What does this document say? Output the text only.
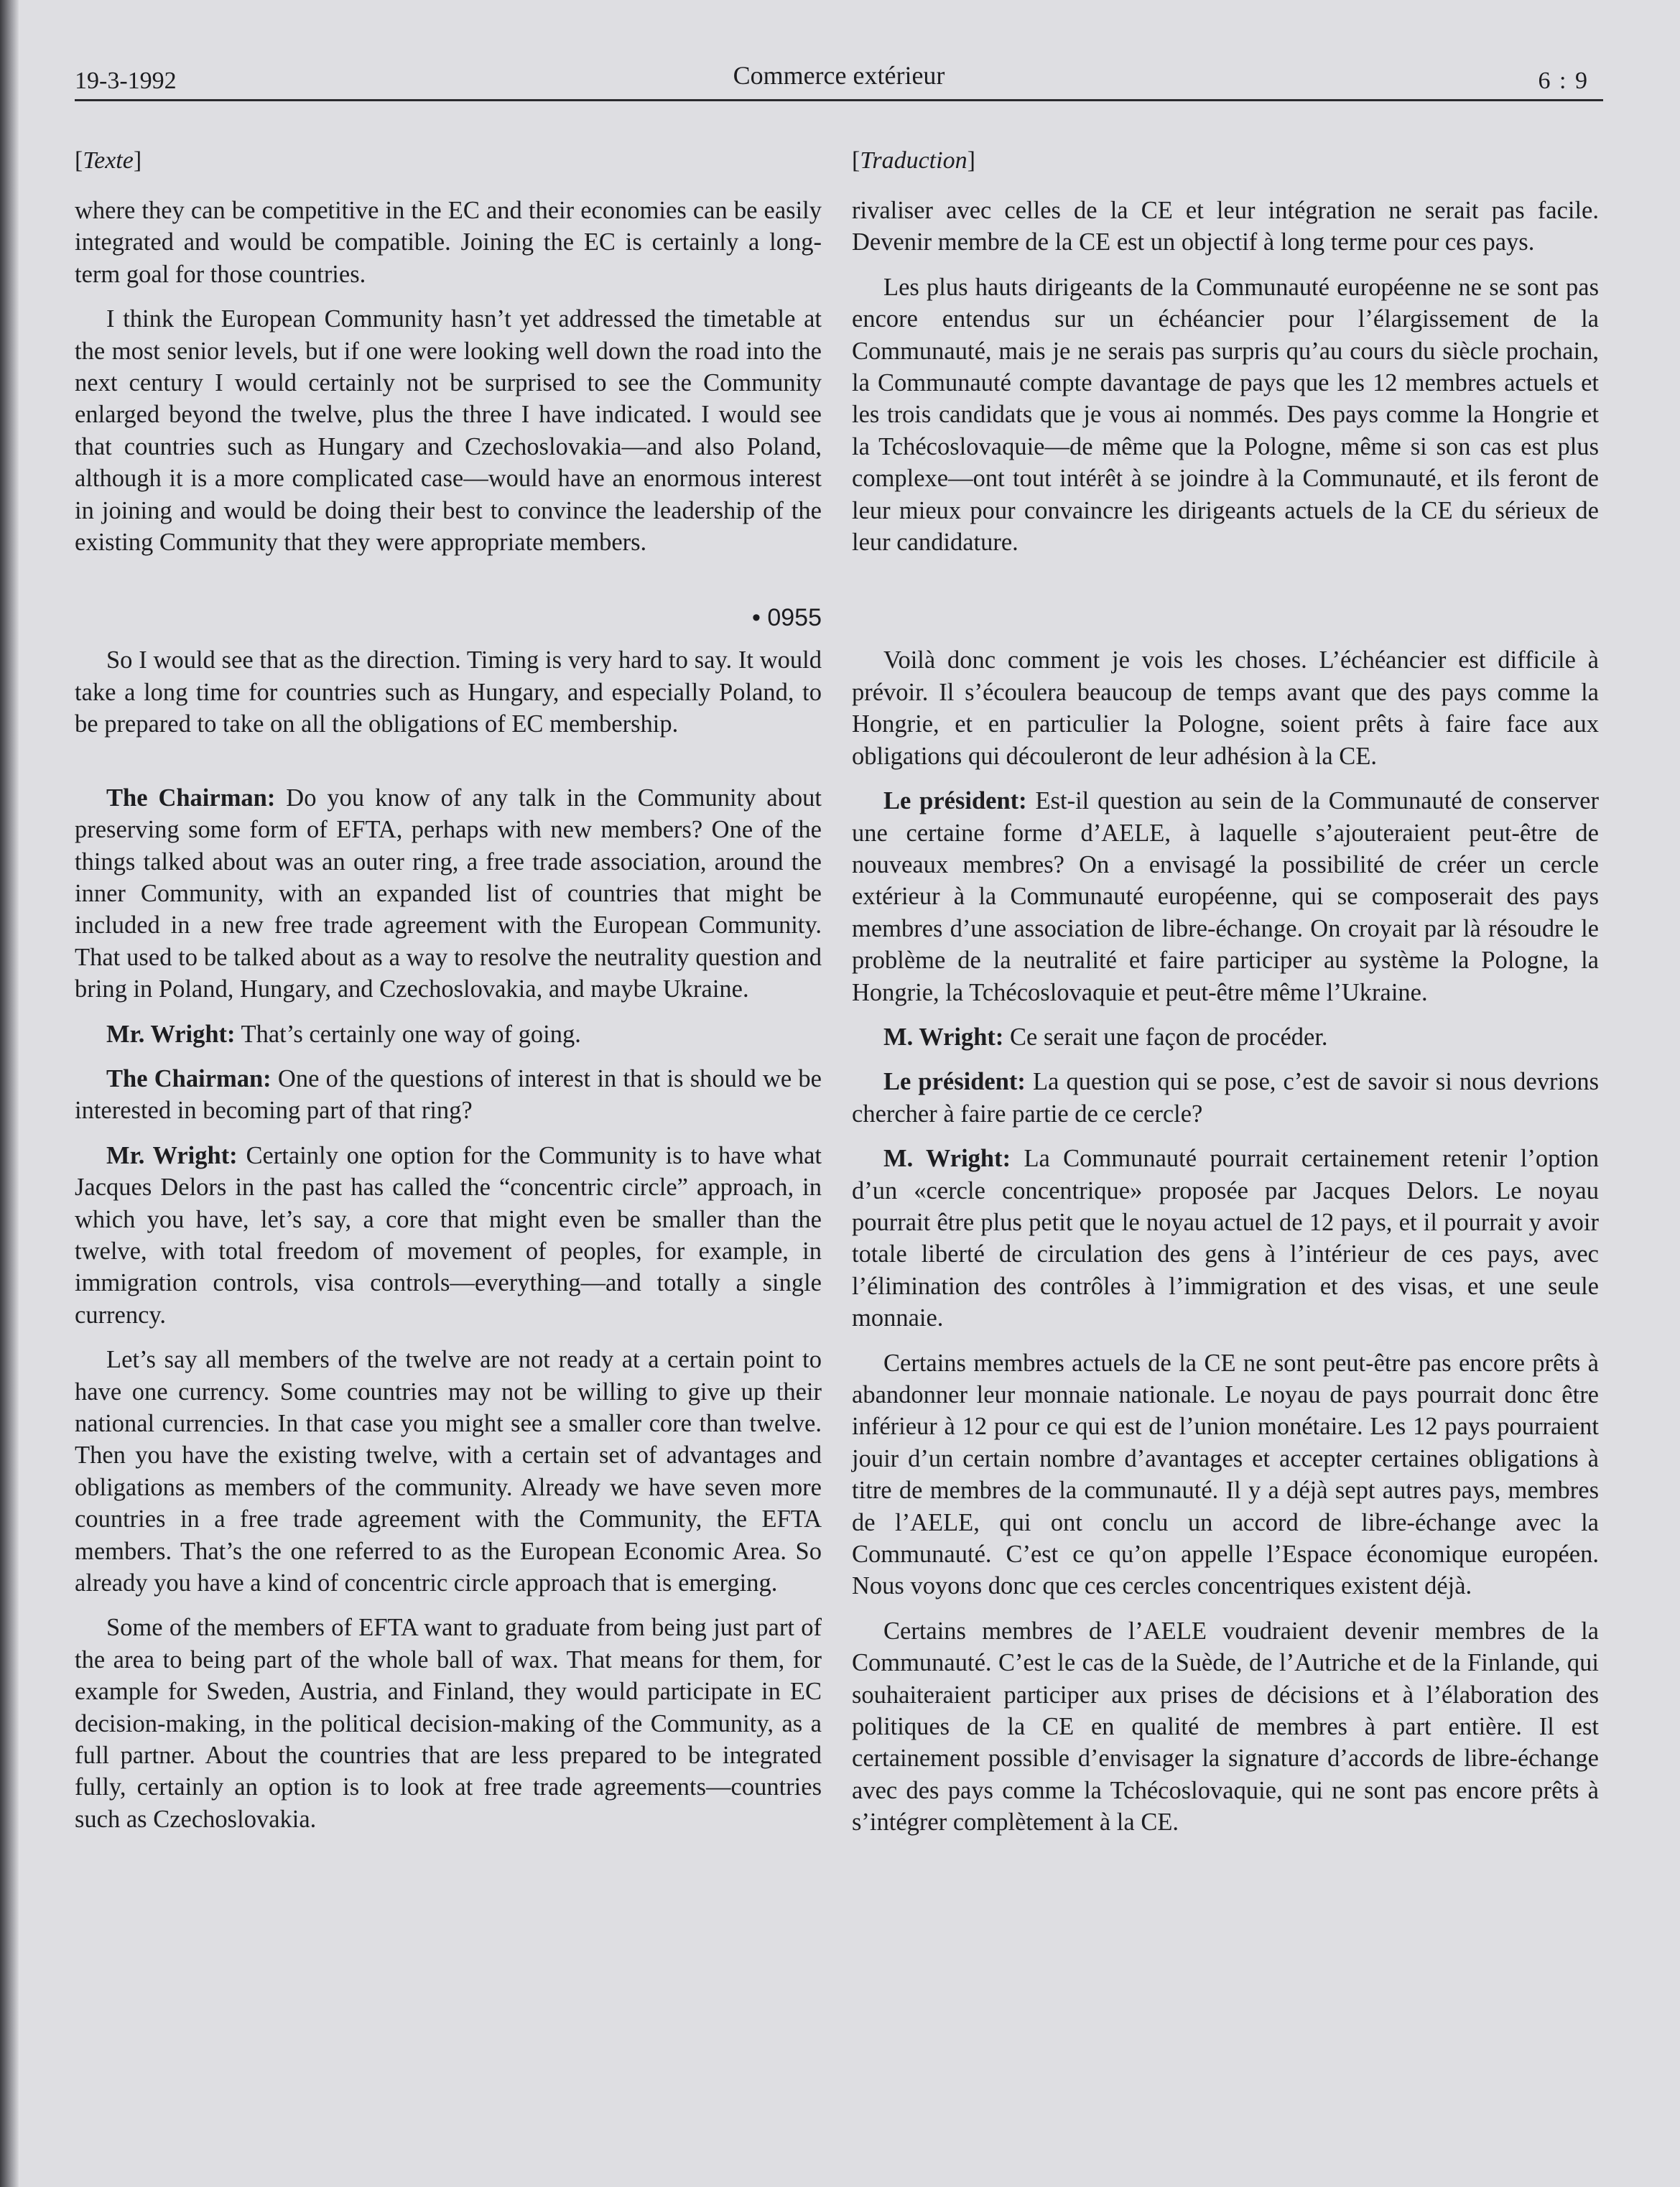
19-3-1992	Commerce extérieur	6 : 9
[Texte]

where they can be competitive in the EC and their economies can be easily integrated and would be compatible. Joining the EC is certainly a long-term goal for those countries.

I think the European Community hasn’t yet addressed the timetable at the most senior levels, but if one were looking well down the road into the next century I would certainly not be surprised to see the Community enlarged beyond the twelve, plus the three I have indicated. I would see that countries such as Hungary and Czechoslovakia—and also Poland, although it is a more complicated case—would have an enormous interest in joining and would be doing their best to convince the leadership of the existing Community that they were appropriate members.

• 0955

So I would see that as the direction. Timing is very hard to say. It would take a long time for countries such as Hungary, and especially Poland, to be prepared to take on all the obligations of EC membership.

The Chairman: Do you know of any talk in the Community about preserving some form of EFTA, perhaps with new members? One of the things talked about was an outer ring, a free trade association, around the inner Community, with an expanded list of countries that might be included in a new free trade agreement with the European Community. That used to be talked about as a way to resolve the neutrality question and bring in Poland, Hungary, and Czechoslovakia, and maybe Ukraine.

Mr. Wright: That’s certainly one way of going.

The Chairman: One of the questions of interest in that is should we be interested in becoming part of that ring?

Mr. Wright: Certainly one option for the Community is to have what Jacques Delors in the past has called the “concentric circle” approach, in which you have, let’s say, a core that might even be smaller than the twelve, with total freedom of movement of peoples, for example, in immigration controls, visa controls—everything—and totally a single currency.

Let’s say all members of the twelve are not ready at a certain point to have one currency. Some countries may not be willing to give up their national currencies. In that case you might see a smaller core than twelve. Then you have the existing twelve, with a certain set of advantages and obligations as members of the community. Already we have seven more countries in a free trade agreement with the Community, the EFTA members. That’s the one referred to as the European Economic Area. So already you have a kind of concentric circle approach that is emerging.

Some of the members of EFTA want to graduate from being just part of the area to being part of the whole ball of wax. That means for them, for example for Sweden, Austria, and Finland, they would participate in EC decision-making, in the political decision-making of the Community, as a full partner. About the countries that are less prepared to be integrated fully, certainly an option is to look at free trade agreements—countries such as Czechoslovakia.

[Traduction]

rivaliser avec celles de la CE et leur intégration ne serait pas facile. Devenir membre de la CE est un objectif à long terme pour ces pays.

Les plus hauts dirigeants de la Communauté européenne ne se sont pas encore entendus sur un échéancier pour l’élargissement de la Communauté, mais je ne serais pas surpris qu’au cours du siècle prochain, la Communauté compte davantage de pays que les 12 membres actuels et les trois candidats que je vous ai nommés. Des pays comme la Hongrie et la Tchécoslovaquie—de même que la Pologne, même si son cas est plus complexe—ont tout intérêt à se joindre à la Communauté, et ils feront de leur mieux pour convaincre les dirigeants actuels de la CE du sérieux de leur candidature.

Voilà donc comment je vois les choses. L’échéancier est difficile à prévoir. Il s’écoulera beaucoup de temps avant que des pays comme la Hongrie, et en particulier la Pologne, soient prêts à faire face aux obligations qui découleront de leur adhésion à la CE.

Le président: Est-il question au sein de la Communauté de conserver une certaine forme d’AELE, à laquelle s’ajouteraient peut-être de nouveaux membres? On a envisagé la possibilité de créer un cercle extérieur à la Communauté européenne, qui se composerait des pays membres d’une association de libre-échange. On croyait par là résoudre le problème de la neutralité et faire participer au système la Pologne, la Hongrie, la Tchécoslovaquie et peut-être même l’Ukraine.

M. Wright: Ce serait une façon de procéder.

Le président: La question qui se pose, c’est de savoir si nous devrions chercher à faire partie de ce cercle?

M. Wright: La Communauté pourrait certainement retenir l’option d’un «cercle concentrique» proposée par Jacques Delors. Le noyau pourrait être plus petit que le noyau actuel de 12 pays, et il pourrait y avoir totale liberté de circulation des gens à l’intérieur de ces pays, avec l’élimination des contrôles à l’immigration et des visas, et une seule monnaie.

Certains membres actuels de la CE ne sont peut-être pas encore prêts à abandonner leur monnaie nationale. Le noyau de pays pourrait donc être inférieur à 12 pour ce qui est de l’union monétaire. Les 12 pays pourraient jouir d’un certain nombre d’avantages et accepter certaines obligations à titre de membres de la communauté. Il y a déjà sept autres pays, membres de l’AELE, qui ont conclu un accord de libre-échange avec la Communauté. C’est ce qu’on appelle l’Espace économique européen. Nous voyons donc que ces cercles concentriques existent déjà.

Certains membres de l’AELE voudraient devenir membres de la Communauté. C’est le cas de la Suède, de l’Autriche et de la Finlande, qui souhaiteraient participer aux prises de décisions et à l’élaboration des politiques de la CE en qualité de membres à part entière. Il est certainement possible d’envisager la signature d’accords de libre-échange avec des pays comme la Tchécoslovaquie, qui ne sont pas encore prêts à s’intégrer complètement à la CE.
